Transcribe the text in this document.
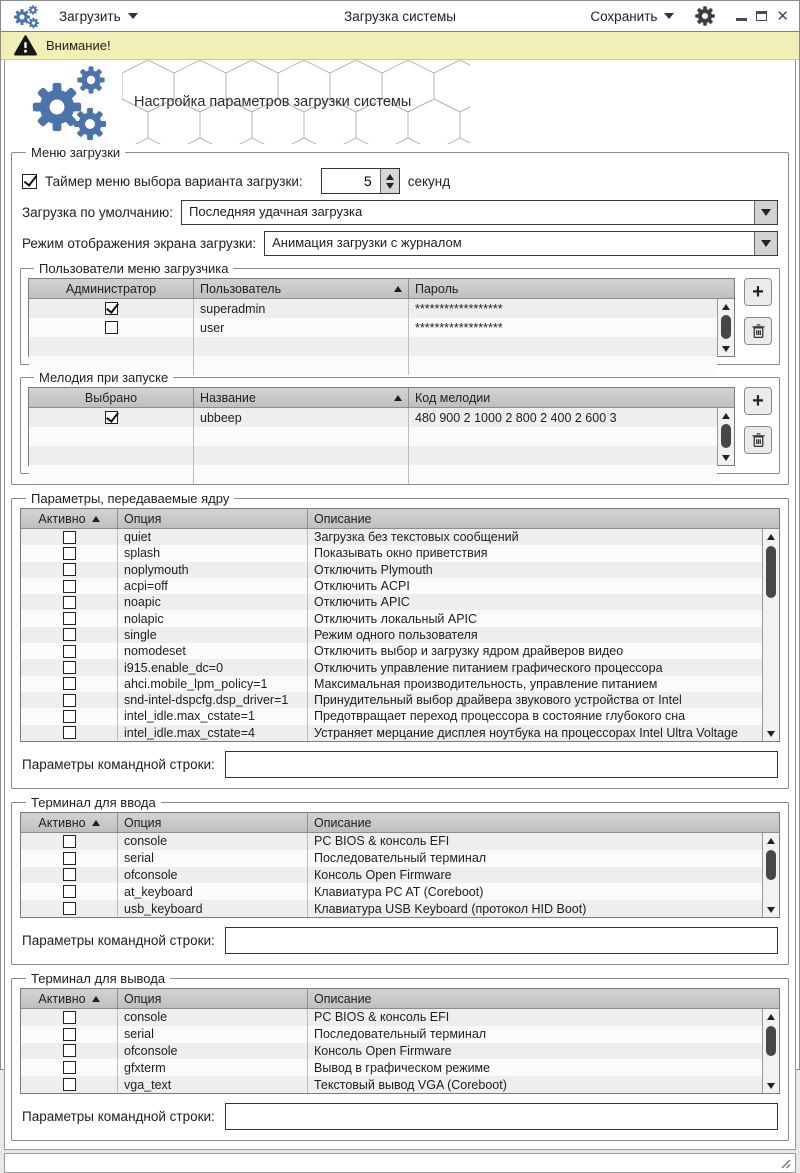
Загрузить	Загрузка системы	Сохранить	✕
Внимание!
Настройка параметров загрузки системы
Меню загрузки
Таймер меню выбора варианта загрузки:
5	секунд
Загрузка по умолчанию:	Последняя удачная загрузка
Режим отображения экрана загрузки:	Анимация загрузки с журналом
Пользователи меню загрузчика
Администратор	Пользователь	Пароль
superadmin	******************
user	******************
+
Мелодия при запуске
Выбрано	Название	Код мелодии
ubbeep	480 900 2 1000 2 800 2 400 2 600 3
+
Параметры, передаваемые ядру
Активно	Опция	Описание
quiet	Загрузка без текстовых сообщений
splash	Показывать окно приветствия
noplymouth	Отключить Plymouth
acpi=off	Отключить ACPI
noapic	Отключить APIC
nolapic	Отключить локальный APIC
single	Режим одного пользователя
nomodeset	Отключить выбор и загрузку ядром драйверов видео
i915.enable_dc=0	Отключить управление питанием графического процессора
ahci.mobile_lpm_policy=1	Максимальная производительность, управление питанием
snd-intel-dspcfg.dsp_driver=1	Принудительный выбор драйвера звукового устройства от Intel
intel_idle.max_cstate=1	Предотвращает переход процессора в состояние глубокого сна
intel_idle.max_cstate=4	Устраняет мерцание дисплея ноутбука на процессорах Intel Ultra Voltage
Параметры командной строки:
Терминал для ввода
Активно	Опция	Описание
console	PC BIOS & консоль EFI
serial	Последовательный терминал
ofconsole	Консоль Open Firmware
at_keyboard	Клавиатура PC AT (Coreboot)
usb_keyboard	Клавиатура USB Keyboard (протокол HID Boot)
Параметры командной строки:
Терминал для вывода
Активно	Опция	Описание
console	PC BIOS & консоль EFI
serial	Последовательный терминал
ofconsole	Консоль Open Firmware
gfxterm	Вывод в графическом режиме
vga_text	Текстовый вывод VGA (Coreboot)
Параметры командной строки:
